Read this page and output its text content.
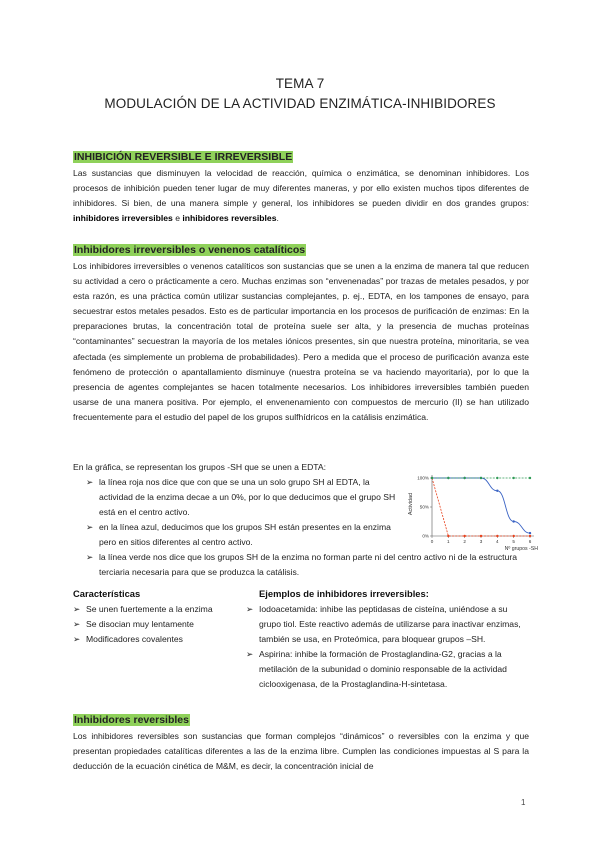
TEMA 7
MODULACIÓN DE LA ACTIVIDAD ENZIMÁTICA-INHIBIDORES
INHIBICIÓN REVERSIBLE E IRREVERSIBLE
Las sustancias que disminuyen la velocidad de reacción, química o enzimática, se denominan inhibidores. Los procesos de inhibición pueden tener lugar de muy diferentes maneras, y por ello existen muchos tipos diferentes de inhibidores. Si bien, de una manera simple y general, los inhibidores se pueden dividir en dos grandes grupos: inhibidores irreversibles e inhibidores reversibles.
Inhibidores irreversibles o venenos catalíticos
Los inhibidores irreversibles o venenos catalíticos son sustancias que se unen a la enzima de manera tal que reducen su actividad a cero o prácticamente a cero. Muchas enzimas son “envenenadas” por trazas de metales pesados, y por esta razón, es una práctica común utilizar sustancias complejantes, p. ej., EDTA, en los tampones de ensayo, para secuestrar estos metales pesados. Esto es de particular importancia en los procesos de purificación de enzimas: En la preparaciones brutas, la concentración total de proteína suele ser alta, y la presencia de muchas proteínas “contaminantes” secuestran la mayoría de los metales iónicos presentes, sin que nuestra proteína, minoritaria, se vea afectada (es simplemente un problema de probabilidades). Pero a medida que el proceso de purificación avanza este fenómeno de protección o apantallamiento disminuye (nuestra proteína se va haciendo mayoritaria), por lo que la presencia de agentes complejantes se hacen totalmente necesarios. Los inhibidores irreversibles también pueden usarse de una manera positiva. Por ejemplo, el envenenamiento con compuestos de mercurio (II) se han utilizado frecuentemente para el estudio del papel de los grupos sulfhídricos en la catálisis enzimática.
En la gráfica, se representan los grupos -SH que se unen a EDTA:
➢ la línea roja nos dice que con que se una un solo grupo SH al EDTA, la actividad de la enzima decae a un 0%, por lo que deducimos que el grupo SH está en el centro activo.
➢ en la línea azul, deducimos que los grupos SH están presentes en la enzima pero en sitios diferentes al centro activo.
➢ la línea verde nos dice que los grupos SH de la enzima no forman parte ni del centro activo ni de la estructura terciaria necesaria para que se produzca la catálisis.
0	1	2	3	4	5	6
0%
50%
100%
Actividad
Nº grupos -SH
Características
➢ Se unen fuertemente a la enzima
➢ Se disocian muy lentamente
➢ Modificadores covalentes
Ejemplos de inhibidores irreversibles:
➢ Iodoacetamida: inhibe las peptidasas de cisteína, uniéndose a su grupo tiol. Este reactivo además de utilizarse para inactivar enzimas, también se usa, en Proteómica, para bloquear grupos –SH.
➢ Aspirina: inhibe la formación de Prostaglandina-G2, gracias a la metilación de la subunidad o dominio responsable de la actividad ciclooxigenasa, de la Prostaglandina-H-sintetasa.
Inhibidores reversibles
Los inhibidores reversibles son sustancias que forman complejos “dinámicos” o reversibles con la enzima y que presentan propiedades catalíticas diferentes a las de la enzima libre. Cumplen las condiciones impuestas al S para la deducción de la ecuación cinética de M&M, es decir, la concentración inicial de
1
